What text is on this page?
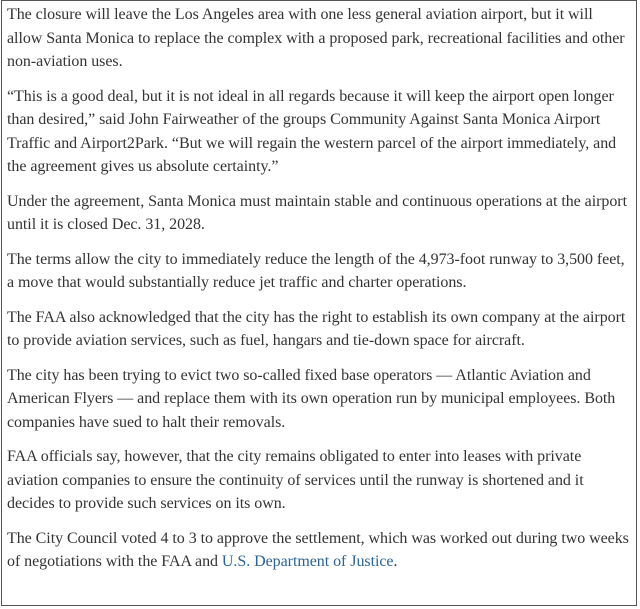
The closure will leave the Los Angeles area with one less general aviation airport, but it will allow Santa Monica to replace the complex with a proposed park, recreational facilities and other non-aviation uses.

“This is a good deal, but it is not ideal in all regards because it will keep the airport open longer than desired,” said John Fairweather of the groups Community Against Santa Monica Airport Traffic and Airport2Park. “But we will regain the western parcel of the airport immediately, and the agreement gives us absolute certainty.”

Under the agreement, Santa Monica must maintain stable and continuous operations at the airport until it is closed Dec. 31, 2028.

The terms allow the city to immediately reduce the length of the 4,973-foot runway to 3,500 feet, a move that would substantially reduce jet traffic and charter operations.

The FAA also acknowledged that the city has the right to establish its own company at the airport to provide aviation services, such as fuel, hangars and tie-down space for aircraft.

The city has been trying to evict two so-called fixed base operators — Atlantic Aviation and American Flyers — and replace them with its own operation run by municipal employees. Both companies have sued to halt their removals.

FAA officials say, however, that the city remains obligated to enter into leases with private aviation companies to ensure the continuity of services until the runway is shortened and it decides to provide such services on its own.

The City Council voted 4 to 3 to approve the settlement, which was worked out during two weeks of negotiations with the FAA and U.S. Department of Justice.
